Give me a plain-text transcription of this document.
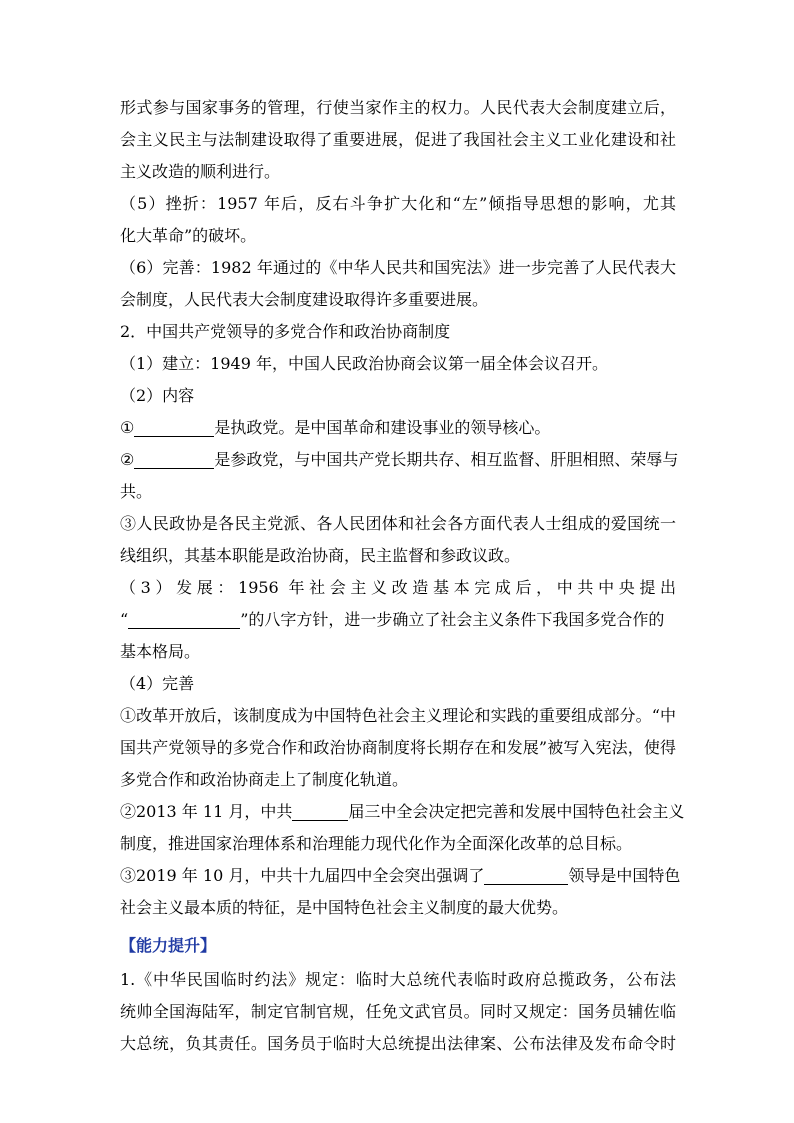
形式参与国家事务的管理，行使当家作主的权力。人民代表大会制度建立后，
会主义民主与法制建设取得了重要进展，促进了我国社会主义工业化建设和社
主义改造的顺利进行。
（5）挫折：1957 年后，反右斗争扩大化和“左”倾指导思想的影响，尤其
化大革命”的破坏。
（6）完善：1982 年通过的《中华人民共和国宪法》进一步完善了人民代表大
会制度，人民代表大会制度建设取得许多重要进展。
2．中国共产党领导的多党合作和政治协商制度
（1）建立：1949 年，中国人民政治协商会议第一届全体会议召开。
（2）内容
①	是执政党。是中国革命和建设事业的领导核心。
②	是参政党，与中国共产党长期共存、相互监督、肝胆相照、荣辱与
共。
③人民政协是各民主党派、各人民团体和社会各方面代表人士组成的爱国统一
线组织，其基本职能是政治协商，民主监督和参政议政。
（3）发展：1956 年社会主义改造基本完成后，中共中央提出
“	”的八字方针，进一步确立了社会主义条件下我国多党合作的
基本格局。
（4）完善
①改革开放后，该制度成为中国特色社会主义理论和实践的重要组成部分。“中
国共产党领导的多党合作和政治协商制度将长期存在和发展”被写入宪法，使得
多党合作和政治协商走上了制度化轨道。
②2013 年 11 月，中共	届三中全会决定把完善和发展中国特色社会主义
制度，推进国家治理体系和治理能力现代化作为全面深化改革的总目标。
③2019 年 10 月，中共十九届四中全会突出强调了	领导是中国特色
社会主义最本质的特征，是中国特色社会主义制度的最大优势。
【能力提升】
1.《中华民国临时约法》规定：临时大总统代表临时政府总揽政务，公布法
统帅全国海陆军，制定官制官规，任免文武官员。同时又规定：国务员辅佐临
大总统，负其责任。国务员于临时大总统提出法律案、公布法律及发布命令时
